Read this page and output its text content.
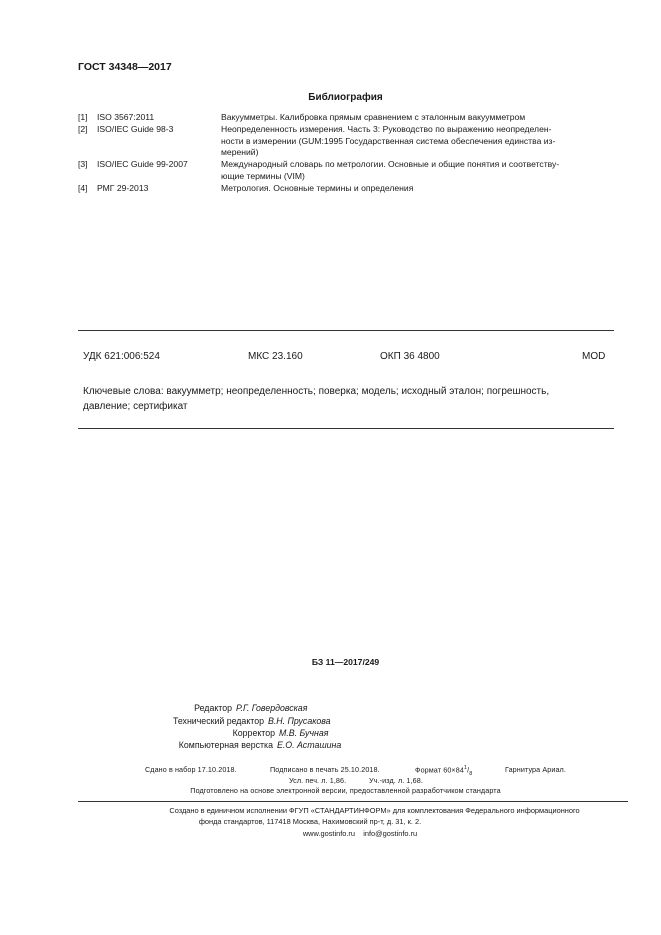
ГОСТ 34348—2017
Библиография
[1] ISO 3567:2011	Вакуумметры. Калибровка прямым сравнением с эталонным вакуумметром
[2] ISO/IEC Guide 98-3	Неопределенность измерения. Часть 3: Руководство по выражению неопределен-
ности в измерении (GUM:1995 Государственная система обеспечения единства из-
мерений)
[3] ISO/IEC Guide 99-2007	Международный словарь по метрологии. Основные и общие понятия и соответству-
ющие термины (VIM)
[4] РМГ 29-2013	Метрология. Основные термины и определения
УДК 621:006:524	МКС 23.160	ОКП 36 4800	MOD
Ключевые слова: вакуумметр; неопределенность; поверка; модель; исходный эталон; погрешность,
давление; сертификат
БЗ 11—2017/249
Редактор Р.Г. Говердовская
Технический редактор В.Н. Прусакова
Корректор М.В. Бучная
Компьютерная верстка Е.О. Асташина
Сдано в набор 17.10.2018.	Подписано в печать 25.10.2018.	Формат $60\times 84^1/_8$	Гарнитура Ариал.
Усл. печ. л. 1,86.	Уч.-изд. л. 1,68.
Подготовлено на основе электронной версии, предоставленной разработчиком стандарта
Создано в единичном исполнении ФГУП «СТАНДАРТИНФОРМ» для комплектования Федерального информационного
фонда стандартов, 117418 Москва, Нахимовский пр-т, д. 31, к. 2.
www.gostinfo.ru info@gostinfo.ru
